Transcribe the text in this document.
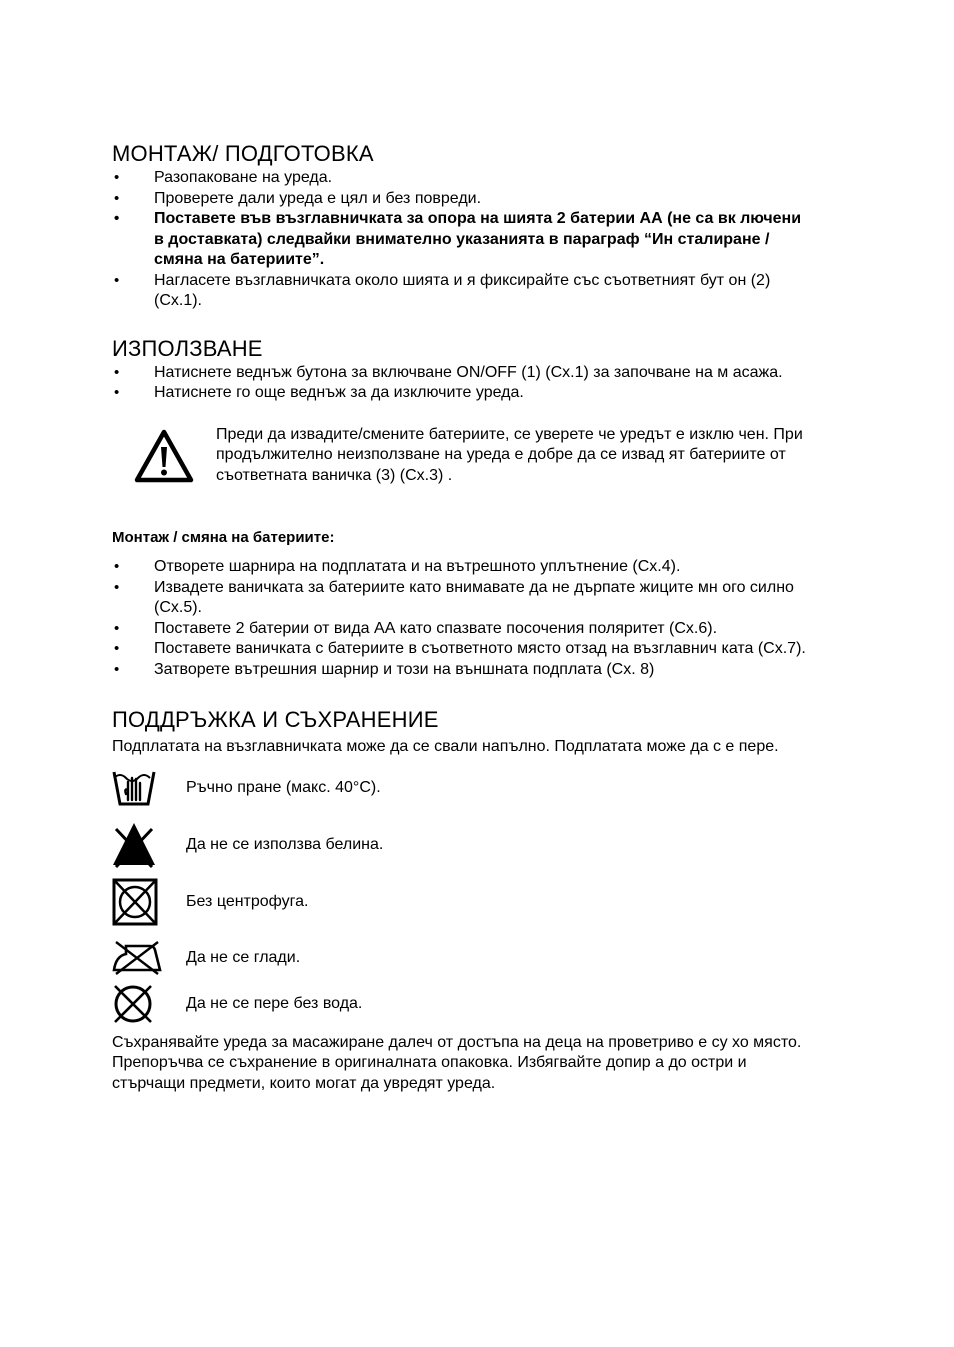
МОНТАЖ/ ПОДГОТОВКА
• Разопаковане на уреда.
• Проверете дали уреда е цял и без повреди.
• Поставете във възглавничката за опора на шията 2 батерии АА (не са вк лючени в доставката) следвайки внимателно указанията в параграф “Ин сталиране / смяна на батериите”.
• Нагласете възглавничката около шията и я фиксирайте със съответният бут он (2) (Сх.1).
ИЗПОЛЗВАНЕ
• Натиснете веднъж бутона за включване ON/OFF (1) (Сх.1) за започване на м асажа.
• Натиснете го още веднъж за да изключите уреда.
Преди да извадите/смените батериите, се уверете че уредът е изклю чен. При продължително неизползване на уреда е добре да се извад ят батериите от съответната ваничка (3) (Сх.3) .
Монтаж / смяна на батериите:
• Отворете шарнира на подплатата и на вътрешното уплътнение (Сх.4).
• Извадете ваничката за батериите като внимавате да не дърпате жиците мн ого силно (Сх.5).
• Поставете 2 батерии от вида АА като спазвате посочения поляритет (Сх.6).
• Поставете ваничката с батериите в съответното място отзад на възглавнич ката (Сх.7).
• Затворете вътрешния шарнир и този на външната подплата (Сх. 8)
ПОДДРЪЖКА И СЪХРАНЕНИЕ

Подплатата на възглавничката може да се свали напълно. Подплатата може да с е пере.

Ръчно пране (макс. 40°C).
Да не се използва белина.
Без центрофуга.
Да не се глади.
Да не се пере без вода.

Съхранявайте уреда за масажиране далеч от достъпа на деца на проветриво е су хо място. Препоръчва се съхранение в оригиналната опаковка. Избягвайте допир а до остри и стърчащи предмети, които могат да увредят уреда.
